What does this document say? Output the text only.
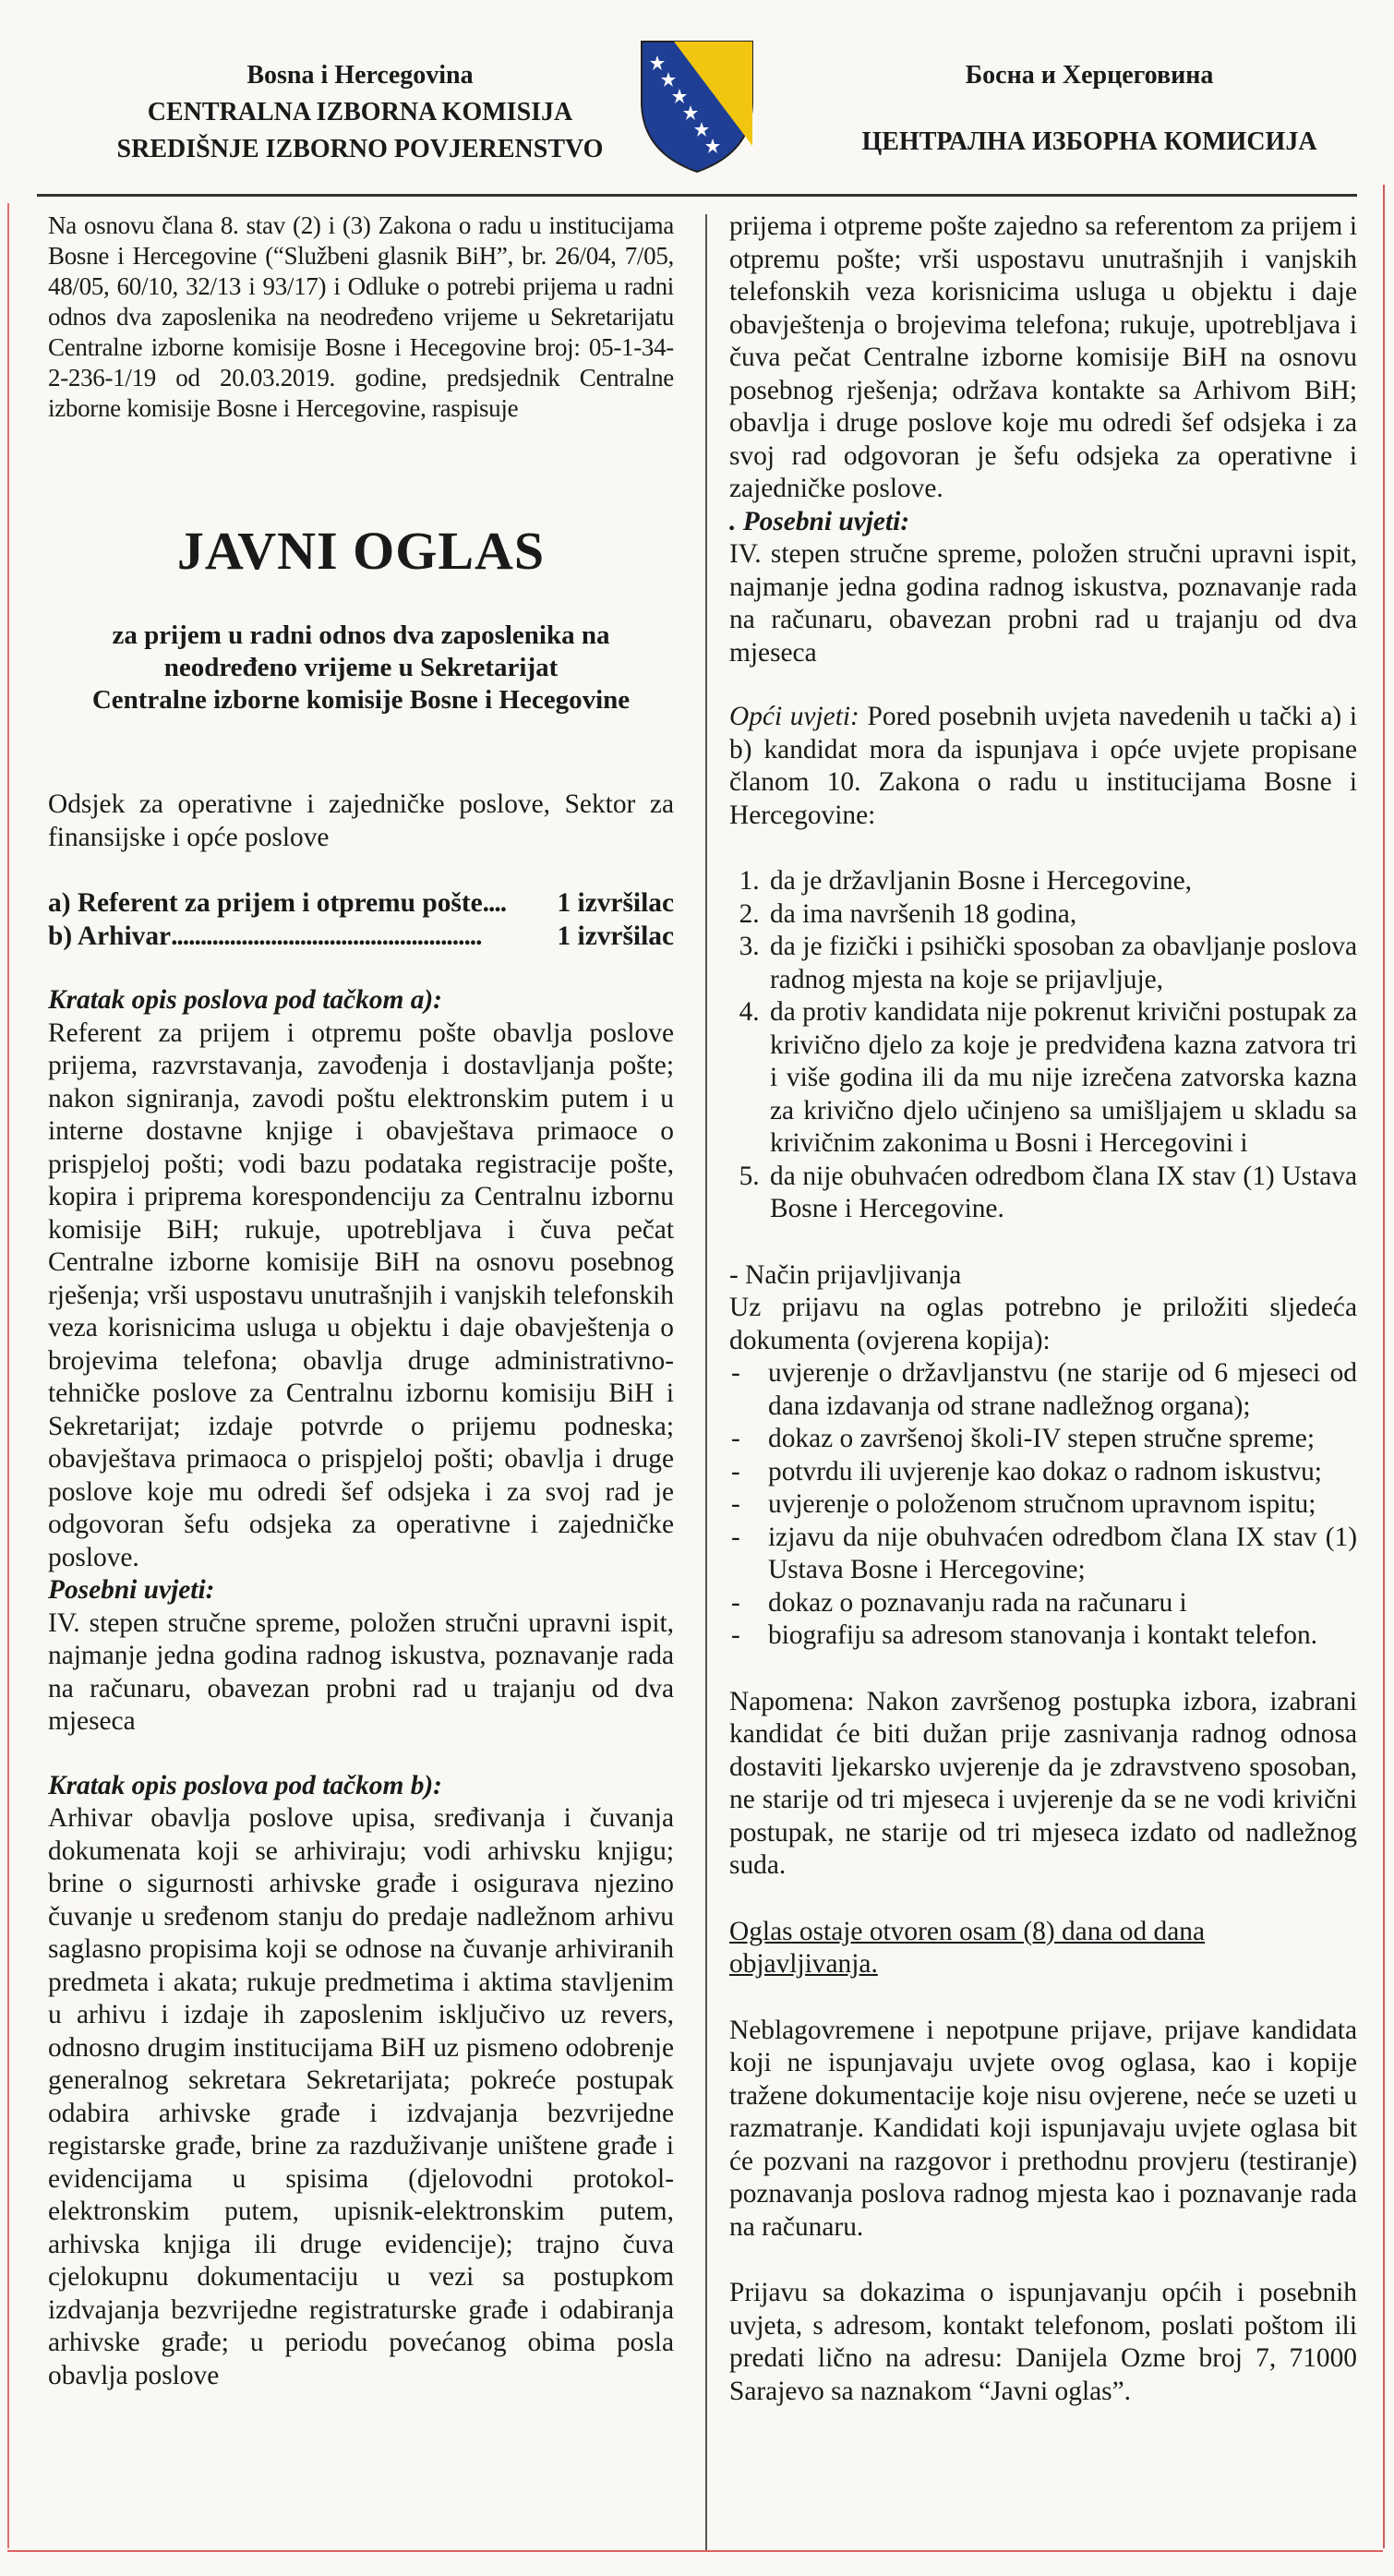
Bosna i Hercegovina
CENTRALNA IZBORNA KOMISIJA
SREDIŠNJE IZBORNO POVJERENSTVO
Босна и Херцеговина
ЦЕНТРАЛНА ИЗБОРНА КОМИСИЈА

Na osnovu člana 8. stav (2) i (3) Zakona o radu u institucijama Bosne i Hercegovine (“Službeni glasnik BiH”, br. 26/04, 7/05, 48/05, 60/10, 32/13 i 93/17) i Odluke o potrebi prijema u radni odnos dva zaposlenika na neodređeno vrijeme u Sekretarijatu Centralne izborne komisije Bosne i Hecegovine broj: 05-1-34-2-236-1/19 od 20.03.2019. godine, predsjednik Centralne izborne komisije Bosne i Hercegovine, raspisuje

JAVNI OGLAS
za prijem u radni odnos dva zaposlenika na
neodređeno vrijeme u Sekretarijat
Centralne izborne komisije Bosne i Hecegovine

Odsjek za operativne i zajedničke poslove, Sektor za finansijske i opće poslove

a) Referent za prijem i otpremu pošte ....	1 izvršilac
b) Arhivar .....................................................	1 izvršilac

Kratak opis poslova pod tačkom a):

Referent za prijem i otpremu pošte obavlja poslove prijema, razvrstavanja, zavođenja i dostavljanja pošte; nakon signiranja, zavodi poštu elektronskim putem i u interne dostavne knjige i obavještava primaoce o prispjeloj pošti; vodi bazu podataka registracije pošte, kopira i priprema korespondenciju za Centralnu izbornu komisije BiH; rukuje, upotrebljava i čuva pečat Centralne izborne komisije BiH na osnovu posebnog rješenja; vrši uspostavu unutrašnjih i vanjskih telefonskih veza korisnicima usluga u objektu i daje obavještenja o brojevima telefona; obavlja druge administrativno-tehničke poslove za Centralnu izbornu komisiju BiH i Sekretarijat; izdaje potvrde o prijemu podneska; obavještava primaoca o prispjeloj pošti; obavlja i druge poslove koje mu odredi šef odsjeka i za svoj rad je odgovoran šefu odsjeka za operativne i zajedničke poslove.

Posebni uvjeti:

IV. stepen stručne spreme, položen stručni upravni ispit, najmanje jedna godina radnog iskustva, poznavanje rada na računaru, obavezan probni rad u trajanju od dva mjeseca

Kratak opis poslova pod tačkom b):

Arhivar obavlja poslove upisa, sređivanja i čuvanja dokumenata koji se arhiviraju; vodi arhivsku knjigu; brine o sigurnosti arhivske građe i osigurava njezino čuvanje u sređenom stanju do predaje nadležnom arhivu saglasno propisima koji se odnose na čuvanje arhiviranih predmeta i akata; rukuje predmetima i aktima stavljenim u arhivu i izdaje ih zaposlenim isključivo uz revers, odnosno drugim institucijama BiH uz pismeno odobrenje generalnog sekretara Sekretarijata; pokreće postupak odabira arhivske građe i izdvajanja bezvrijedne registarske građe, brine za razduživanje uništene građe i evidencijama u spisima (djelovodni protokol-elektronskim putem, upisnik-elektronskim putem, arhivska knjiga ili druge evidencije); trajno čuva cjelokupnu dokumentaciju u vezi sa postupkom izdvajanja bezvrijedne registraturske građe i odabiranja arhivske građe; u periodu povećanog obima posla obavlja poslove

prijema i otpreme pošte zajedno sa referentom za prijem i otpremu pošte; vrši uspostavu unutrašnjih i vanjskih telefonskih veza korisnicima usluga u objektu i daje obavještenja o brojevima telefona; rukuje, upotrebljava i čuva pečat Centralne izborne komisije BiH na osnovu posebnog rješenja; održava kontakte sa Arhivom BiH; obavlja i druge poslove koje mu odredi šef odsjeka i za svoj rad odgovoran je šefu odsjeka za operativne i zajedničke poslove.

. Posebni uvjeti:

IV. stepen stručne spreme, položen stručni upravni ispit, najmanje jedna godina radnog iskustva, poznavanje rada na računaru, obavezan probni rad u trajanju od dva mjeseca

Opći uvjeti: Pored posebnih uvjeta navedenih u tački a) i b) kandidat mora da ispunjava i opće uvjete propisane članom 10. Zakona o radu u institucijama Bosne i Hercegovine:

1. da je državljanin Bosne i Hercegovine,
2. da ima navršenih 18 godina,
3. da je fizički i psihički sposoban za obavljanje poslova radnog mjesta na koje se prijavljuje,
4. da protiv kandidata nije pokrenut krivični postupak za krivično djelo za koje je predviđena kazna zatvora tri i više godina ili da mu nije izrečena zatvorska kazna za krivično djelo učinjeno sa umišljajem u skladu sa krivičnim zakonima u Bosni i Hercegovini i
5. da nije obuhvaćen odredbom člana IX stav (1) Ustava Bosne i Hercegovine.

- Način prijavljivanja

Uz prijavu na oglas potrebno je priložiti sljedeća dokumenta (ovjerena kopija):

- uvjerenje o državljanstvu (ne starije od 6 mjeseci od dana izdavanja od strane nadležnog organa);
- dokaz o završenoj školi-IV stepen stručne spreme;
- potvrdu ili uvjerenje kao dokaz o radnom iskustvu;
- uvjerenje o položenom stručnom upravnom ispitu;
- izjavu da nije obuhvaćen odredbom člana IX stav (1) Ustava Bosne i Hercegovine;
- dokaz o poznavanju rada na računaru i
- biografiju sa adresom stanovanja i kontakt telefon.

Napomena: Nakon završenog postupka izbora, izabrani kandidat će biti dužan prije zasnivanja radnog odnosa dostaviti ljekarsko uvjerenje da je zdravstveno sposoban, ne starije od tri mjeseca i uvjerenje da se ne vodi krivični postupak, ne starije od tri mjeseca izdato od nadležnog suda.

Oglas ostaje otvoren osam (8) dana od dana objavljivanja.

Neblagovremene i nepotpune prijave, prijave kandidata koji ne ispunjavaju uvjete ovog oglasa, kao i kopije tražene dokumentacije koje nisu ovjerene, neće se uzeti u razmatranje. Kandidati koji ispunjavaju uvjete oglasa bit će pozvani na razgovor i prethodnu provjeru (testiranje) poznavanja poslova radnog mjesta kao i poznavanje rada na računaru.

Prijavu sa dokazima o ispunjavanju općih i posebnih uvjeta, s adresom, kontakt telefonom, poslati poštom ili predati lično na adresu: Danijela Ozme broj 7, 71000 Sarajevo sa naznakom “Javni oglas”.
